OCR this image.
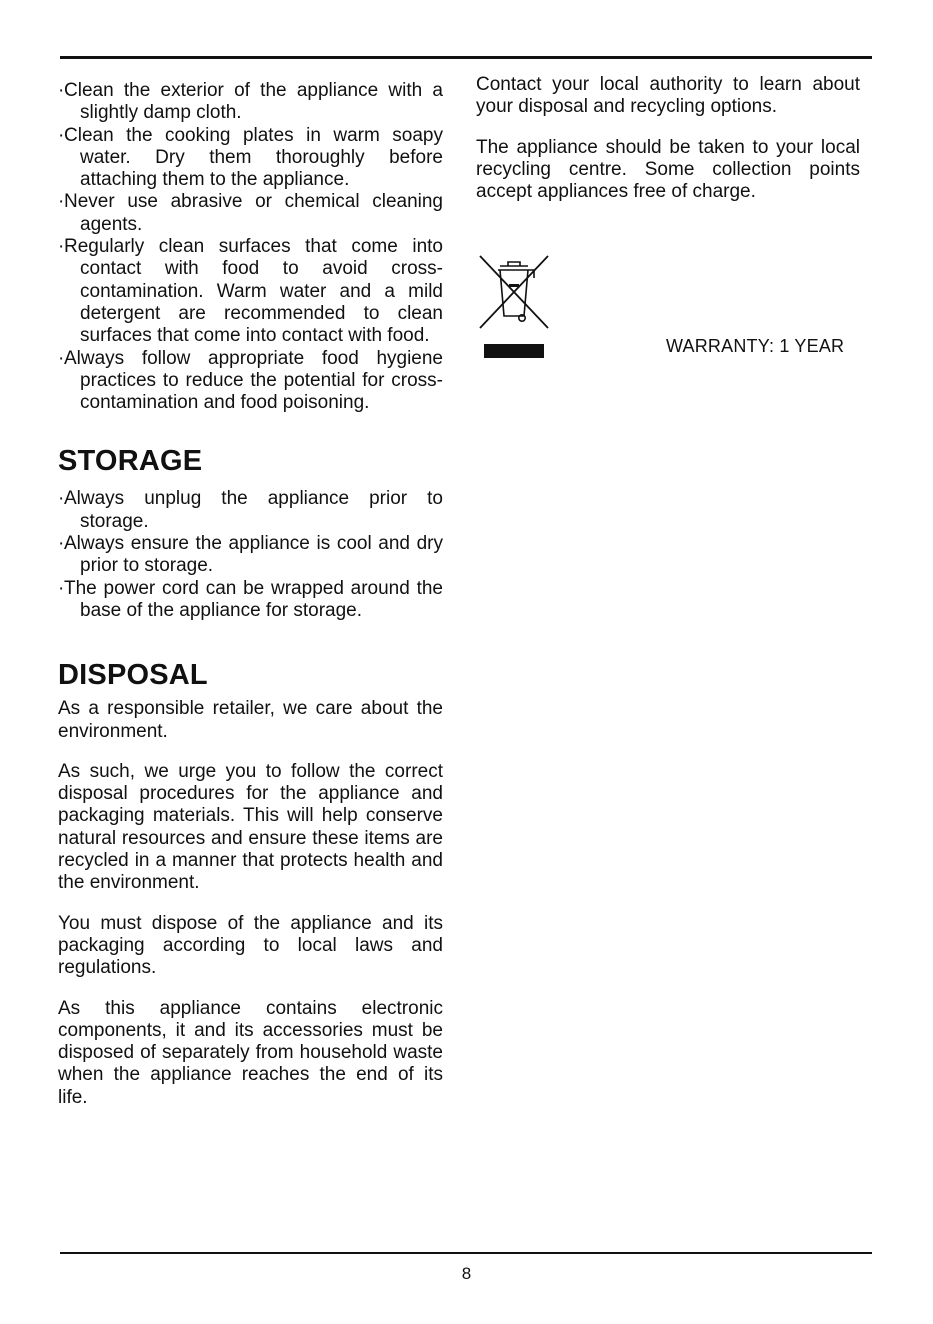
·Clean the exterior of the appliance with a slightly damp cloth.

·Clean the cooking plates in warm soapy water. Dry them thoroughly before attaching them to the appliance.

·Never use abrasive or chemical cleaning agents.

·Regularly clean surfaces that come into contact with food to avoid cross-contamination. Warm water and a mild detergent are recommended to clean surfaces that come into contact with food.

·Always follow appropriate food hygiene practices to reduce the potential for cross-contamination and food poisoning.

STORAGE

·Always unplug the appliance prior to storage.

·Always ensure the appliance is cool and dry prior to storage.

·The power cord can be wrapped around the base of the appliance for storage.

DISPOSAL

As a responsible retailer, we care about the environment.

As such, we urge you to follow the correct disposal procedures for the appliance and packaging materials. This will help conserve natural resources and ensure these items are recycled in a manner that protects health and the environment.

You must dispose of the appliance and its packaging according to local laws and regulations.

As this appliance contains electronic components, it and its accessories must be disposed of separately from household waste when the appliance reaches the end of its life.

Contact your local authority to learn about your disposal and recycling options.

The appliance should be taken to your local recycling centre. Some collection points accept appliances free of charge.

WARRANTY: 1 YEAR
8
